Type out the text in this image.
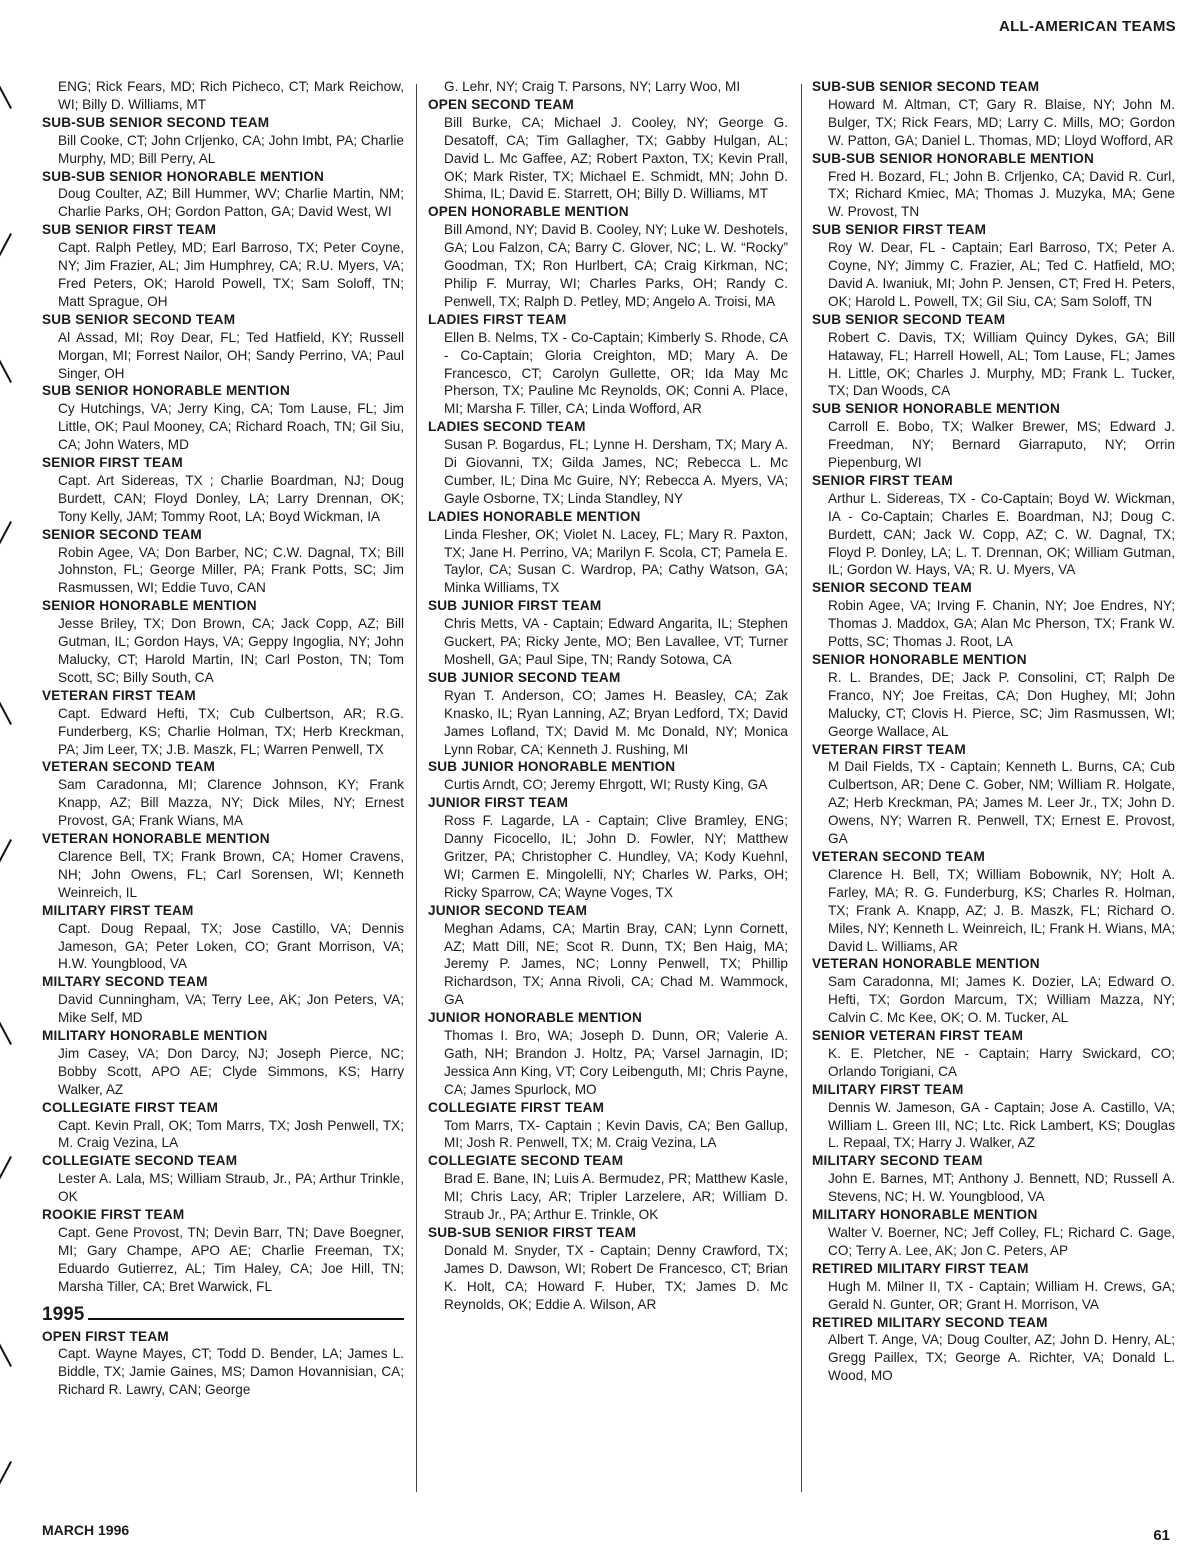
ALL-AMERICAN TEAMS
ENG; Rick Fears, MD; Rich Picheco, CT; Mark Reichow, WI; Billy D. Williams, MT
SUB-SUB SENIOR SECOND TEAM
Bill Cooke, CT; John Crljenko, CA; John Imbt, PA; Charlie Murphy, MD; Bill Perry, AL
SUB-SUB SENIOR HONORABLE MENTION
Doug Coulter, AZ; Bill Hummer, WV; Charlie Martin, NM; Charlie Parks, OH; Gordon Patton, GA; David West, WI
SUB SENIOR FIRST TEAM
Capt. Ralph Petley, MD; Earl Barroso, TX; Peter Coyne, NY; Jim Frazier, AL; Jim Humphrey, CA; R.U. Myers, VA; Fred Peters, OK; Harold Powell, TX; Sam Soloff, TN; Matt Sprague, OH
SUB SENIOR SECOND TEAM
Al Assad, MI; Roy Dear, FL; Ted Hatfield, KY; Russell Morgan, MI; Forrest Nailor, OH; Sandy Perrino, VA; Paul Singer, OH
SUB SENIOR HONORABLE MENTION
Cy Hutchings, VA; Jerry King, CA; Tom Lause, FL; Jim Little, OK; Paul Mooney, CA; Richard Roach, TN; Gil Siu, CA; John Waters, MD
SENIOR FIRST TEAM
Capt. Art Sidereas, TX ; Charlie Boardman, NJ; Doug Burdett, CAN; Floyd Donley, LA; Larry Drennan, OK; Tony Kelly, JAM; Tommy Root, LA; Boyd Wickman, IA
SENIOR SECOND TEAM
Robin Agee, VA; Don Barber, NC; C.W. Dagnal, TX; Bill Johnston, FL; George Miller, PA; Frank Potts, SC; Jim Rasmussen, WI; Eddie Tuvo, CAN
SENIOR HONORABLE MENTION
Jesse Briley, TX; Don Brown, CA; Jack Copp, AZ; Bill Gutman, IL; Gordon Hays, VA; Geppy Ingoglia, NY; John Malucky, CT; Harold Martin, IN; Carl Poston, TN; Tom Scott, SC; Billy South, CA
VETERAN FIRST TEAM
Capt. Edward Hefti, TX; Cub Culbertson, AR; R.G. Funderberg, KS; Charlie Holman, TX; Herb Kreckman, PA; Jim Leer, TX; J.B. Maszk, FL; Warren Penwell, TX
VETERAN SECOND TEAM
Sam Caradonna, MI; Clarence Johnson, KY; Frank Knapp, AZ; Bill Mazza, NY; Dick Miles, NY; Ernest Provost, GA; Frank Wians, MA
VETERAN HONORABLE MENTION
Clarence Bell, TX; Frank Brown, CA; Homer Cravens, NH; John Owens, FL; Carl Sorensen, WI; Kenneth Weinreich, IL
MILITARY FIRST TEAM
Capt. Doug Repaal, TX; Jose Castillo, VA; Dennis Jameson, GA; Peter Loken, CO; Grant Morrison, VA; H.W. Youngblood, VA
MILTARY SECOND TEAM
David Cunningham, VA; Terry Lee, AK; Jon Peters, VA; Mike Self, MD
MILITARY HONORABLE MENTION
Jim Casey, VA; Don Darcy, NJ; Joseph Pierce, NC; Bobby Scott, APO AE; Clyde Simmons, KS; Harry Walker, AZ
COLLEGIATE FIRST TEAM
Capt. Kevin Prall, OK; Tom Marrs, TX; Josh Penwell, TX; M. Craig Vezina, LA
COLLEGIATE SECOND TEAM
Lester A. Lala, MS; William Straub, Jr., PA; Arthur Trinkle, OK
ROOKIE FIRST TEAM
Capt. Gene Provost, TN; Devin Barr, TN; Dave Boegner, MI; Gary Champe, APO AE; Charlie Freeman, TX; Eduardo Gutierrez, AL; Tim Haley, CA; Joe Hill, TN; Marsha Tiller, CA; Bret Warwick, FL
1995
OPEN FIRST TEAM
Capt. Wayne Mayes, CT; Todd D. Bender, LA; James L. Biddle, TX; Jamie Gaines, MS; Damon Hovannisian, CA; Richard R. Lawry, CAN; George
G. Lehr, NY; Craig T. Parsons, NY; Larry Woo, MI
OPEN SECOND TEAM
Bill Burke, CA; Michael J. Cooley, NY; George G. Desatoff, CA; Tim Gallagher, TX; Gabby Hulgan, AL; David L. Mc Gaffee, AZ; Robert Paxton, TX; Kevin Prall, OK; Mark Rister, TX; Michael E. Schmidt, MN; John D. Shima, IL; David E. Starrett, OH; Billy D. Williams, MT
OPEN HONORABLE MENTION
Bill Amond, NY; David B. Cooley, NY; Luke W. Deshotels, GA; Lou Falzon, CA; Barry C. Glover, NC; L. W. “Rocky” Goodman, TX; Ron Hurlbert, CA; Craig Kirkman, NC; Philip F. Murray, WI; Charles Parks, OH; Randy C. Penwell, TX; Ralph D. Petley, MD; Angelo A. Troisi, MA
LADIES FIRST TEAM
Ellen B. Nelms, TX - Co-Captain; Kimberly S. Rhode, CA - Co-Captain; Gloria Creighton, MD; Mary A. De Francesco, CT; Carolyn Gullette, OR; Ida May Mc Pherson, TX; Pauline Mc Reynolds, OK; Conni A. Place, MI; Marsha F. Tiller, CA; Linda Wofford, AR
LADIES SECOND TEAM
Susan P. Bogardus, FL; Lynne H. Dersham, TX; Mary A. Di Giovanni, TX; Gilda James, NC; Rebecca L. Mc Cumber, IL; Dina Mc Guire, NY; Rebecca A. Myers, VA; Gayle Osborne, TX; Linda Standley, NY
LADIES HONORABLE MENTION
Linda Flesher, OK; Violet N. Lacey, FL; Mary R. Paxton, TX; Jane H. Perrino, VA; Marilyn F. Scola, CT; Pamela E. Taylor, CA; Susan C. Wardrop, PA; Cathy Watson, GA; Minka Williams, TX
SUB JUNIOR FIRST TEAM
Chris Metts, VA - Captain; Edward Angarita, IL; Stephen Guckert, PA; Ricky Jente, MO; Ben Lavallee, VT; Turner Moshell, GA; Paul Sipe, TN; Randy Sotowa, CA
SUB JUNIOR SECOND TEAM
Ryan T. Anderson, CO; James H. Beasley, CA; Zak Knasko, IL; Ryan Lanning, AZ; Bryan Ledford, TX; David James Lofland, TX; David M. Mc Donald, NY; Monica Lynn Robar, CA; Kenneth J. Rushing, MI
SUB JUNIOR HONORABLE MENTION
Curtis Arndt, CO; Jeremy Ehrgott, WI; Rusty King, GA
JUNIOR FIRST TEAM
Ross F. Lagarde, LA - Captain; Clive Bramley, ENG; Danny Ficocello, IL; John D. Fowler, NY; Matthew Gritzer, PA; Christopher C. Hundley, VA; Kody Kuehnl, WI; Carmen E. Mingolelli, NY; Charles W. Parks, OH; Ricky Sparrow, CA; Wayne Voges, TX
JUNIOR SECOND TEAM
Meghan Adams, CA; Martin Bray, CAN; Lynn Cornett, AZ; Matt Dill, NE; Scot R. Dunn, TX; Ben Haig, MA; Jeremy P. James, NC; Lonny Penwell, TX; Phillip Richardson, TX; Anna Rivoli, CA; Chad M. Wammock, GA
JUNIOR HONORABLE MENTION
Thomas I. Bro, WA; Joseph D. Dunn, OR; Valerie A. Gath, NH; Brandon J. Holtz, PA; Varsel Jarnagin, ID; Jessica Ann King, VT; Cory Leibenguth, MI; Chris Payne, CA; James Spurlock, MO
COLLEGIATE FIRST TEAM
Tom Marrs, TX- Captain ; Kevin Davis, CA; Ben Gallup, MI; Josh R. Penwell, TX; M. Craig Vezina, LA
COLLEGIATE SECOND TEAM
Brad E. Bane, IN; Luis A. Bermudez, PR; Matthew Kasle, MI; Chris Lacy, AR; Tripler Larzelere, AR; William D. Straub Jr., PA; Arthur E. Trinkle, OK
SUB-SUB SENIOR FIRST TEAM
Donald M. Snyder, TX - Captain; Denny Crawford, TX; James D. Dawson, WI; Robert De Francesco, CT; Brian K. Holt, CA; Howard F. Huber, TX; James D. Mc Reynolds, OK; Eddie A. Wilson, AR
SUB-SUB SENIOR SECOND TEAM
Howard M. Altman, CT; Gary R. Blaise, NY; John M. Bulger, TX; Rick Fears, MD; Larry C. Mills, MO; Gordon W. Patton, GA; Daniel L. Thomas, MD; Lloyd Wofford, AR
SUB-SUB SENIOR HONORABLE MENTION
Fred H. Bozard, FL; John B. Crljenko, CA; David R. Curl, TX; Richard Kmiec, MA; Thomas J. Muzyka, MA; Gene W. Provost, TN
SUB SENIOR FIRST TEAM
Roy W. Dear, FL - Captain; Earl Barroso, TX; Peter A. Coyne, NY; Jimmy C. Frazier, AL; Ted C. Hatfield, MO; David A. Iwaniuk, MI; John P. Jensen, CT; Fred H. Peters, OK; Harold L. Powell, TX; Gil Siu, CA; Sam Soloff, TN
SUB SENIOR SECOND TEAM
Robert C. Davis, TX; William Quincy Dykes, GA; Bill Hataway, FL; Harrell Howell, AL; Tom Lause, FL; James H. Little, OK; Charles J. Murphy, MD; Frank L. Tucker, TX; Dan Woods, CA
SUB SENIOR HONORABLE MENTION
Carroll E. Bobo, TX; Walker Brewer, MS; Edward J. Freedman, NY; Bernard Giarraputo, NY; Orrin Piepenburg, WI
SENIOR FIRST TEAM
Arthur L. Sidereas, TX - Co-Captain; Boyd W. Wickman, IA - Co-Captain; Charles E. Boardman, NJ; Doug C. Burdett, CAN; Jack W. Copp, AZ; C. W. Dagnal, TX; Floyd P. Donley, LA; L. T. Drennan, OK; William Gutman, IL; Gordon W. Hays, VA; R. U. Myers, VA
SENIOR SECOND TEAM
Robin Agee, VA; Irving F. Chanin, NY; Joe Endres, NY; Thomas J. Maddox, GA; Alan Mc Pherson, TX; Frank W. Potts, SC; Thomas J. Root, LA
SENIOR HONORABLE MENTION
R. L. Brandes, DE; Jack P. Consolini, CT; Ralph De Franco, NY; Joe Freitas, CA; Don Hughey, MI; John Malucky, CT; Clovis H. Pierce, SC; Jim Rasmussen, WI; George Wallace, AL
VETERAN FIRST TEAM
M Dail Fields, TX - Captain; Kenneth L. Burns, CA; Cub Culbertson, AR; Dene C. Gober, NM; William R. Holgate, AZ; Herb Kreckman, PA; James M. Leer Jr., TX; John D. Owens, NY; Warren R. Penwell, TX; Ernest E. Provost, GA
VETERAN SECOND TEAM
Clarence H. Bell, TX; William Bobownik, NY; Holt A. Farley, MA; R. G. Funderburg, KS; Charles R. Holman, TX; Frank A. Knapp, AZ; J. B. Maszk, FL; Richard O. Miles, NY; Kenneth L. Weinreich, IL; Frank H. Wians, MA; David L. Williams, AR
VETERAN HONORABLE MENTION
Sam Caradonna, MI; James K. Dozier, LA; Edward O. Hefti, TX; Gordon Marcum, TX; William Mazza, NY; Calvin C. Mc Kee, OK; O. M. Tucker, AL
SENIOR VETERAN FIRST TEAM
K. E. Pletcher, NE - Captain; Harry Swickard, CO; Orlando Torigiani, CA
MILITARY FIRST TEAM
Dennis W. Jameson, GA - Captain; Jose A. Castillo, VA; William L. Green III, NC; Ltc. Rick Lambert, KS; Douglas L. Repaal, TX; Harry J. Walker, AZ
MILITARY SECOND TEAM
John E. Barnes, MT; Anthony J. Bennett, ND; Russell A. Stevens, NC; H. W. Youngblood, VA
MILITARY HONORABLE MENTION
Walter V. Boerner, NC; Jeff Colley, FL; Richard C. Gage, CO; Terry A. Lee, AK; Jon C. Peters, AP
RETIRED MILITARY FIRST TEAM
Hugh M. Milner II, TX - Captain; William H. Crews, GA; Gerald N. Gunter, OR; Grant H. Morrison, VA
RETIRED MILITARY SECOND TEAM
Albert T. Ange, VA; Doug Coulter, AZ; John D. Henry, AL; Gregg Paillex, TX; George A. Richter, VA; Donald L. Wood, MO
MARCH 1996	61
